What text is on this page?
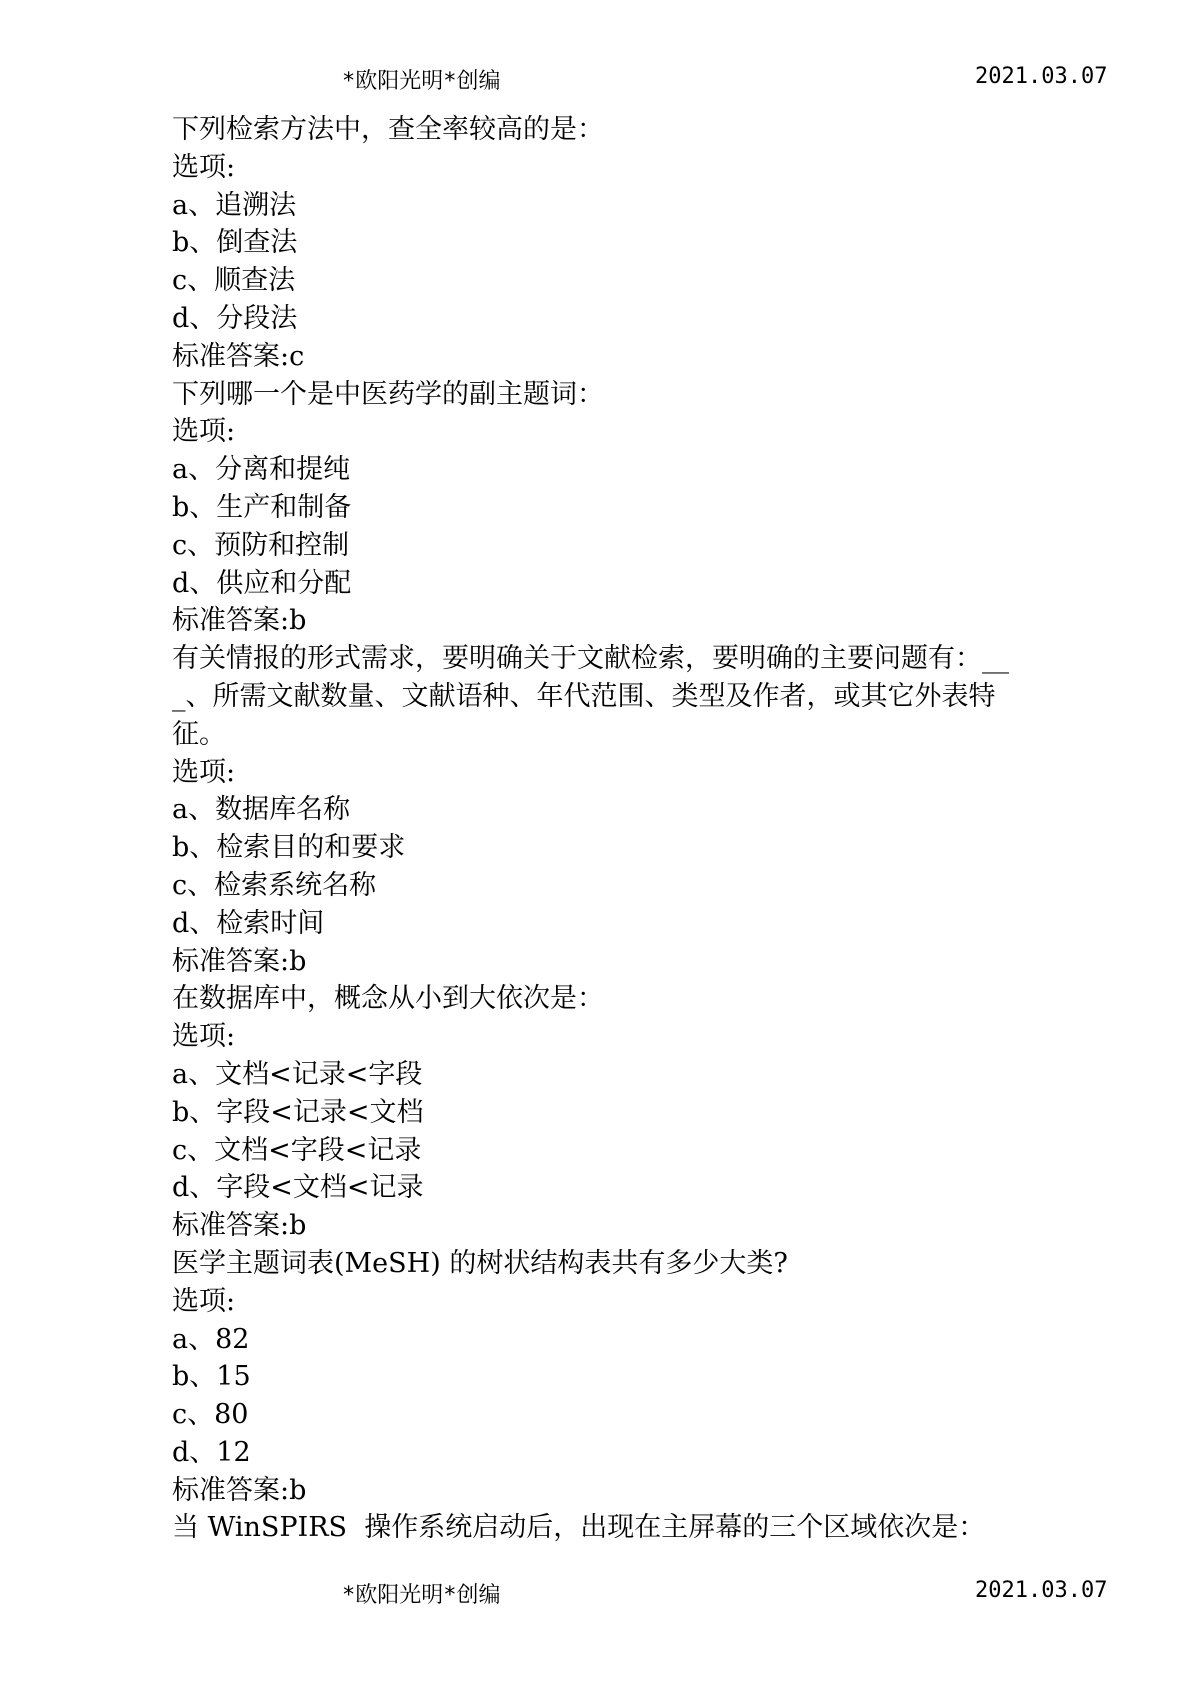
*欧阳光明*创编	2021.03.07
下列检索方法中，查全率较高的是：
选项:
a、追溯法
b、倒查法
c、顺查法
d、分段法
标准答案:c
下列哪一个是中医药学的副主题词：
选项:
a、分离和提纯
b、生产和制备
c、预防和控制
d、供应和分配
标准答案:b
有关情报的形式需求，要明确关于文献检索，要明确的主要问题有：___、所需文献数量、文献语种、年代范围、类型及作者，或其它外表特征。
选项:
a、数据库名称
b、检索目的和要求
c、检索系统名称
d、检索时间
标准答案:b
在数据库中，概念从小到大依次是：
选项:
a、文档<记录<字段
b、字段<记录<文档
c、文档<字段<记录
d、字段<文档<记录
标准答案:b
医学主题词表(MeSH) 的树状结构表共有多少大类?
选项:
a、82
b、15
c、80
d、12
标准答案:b
当 WinSPIRS  操作系统启动后，出现在主屏幕的三个区域依次是：
*欧阳光明*创编	2021.03.07
